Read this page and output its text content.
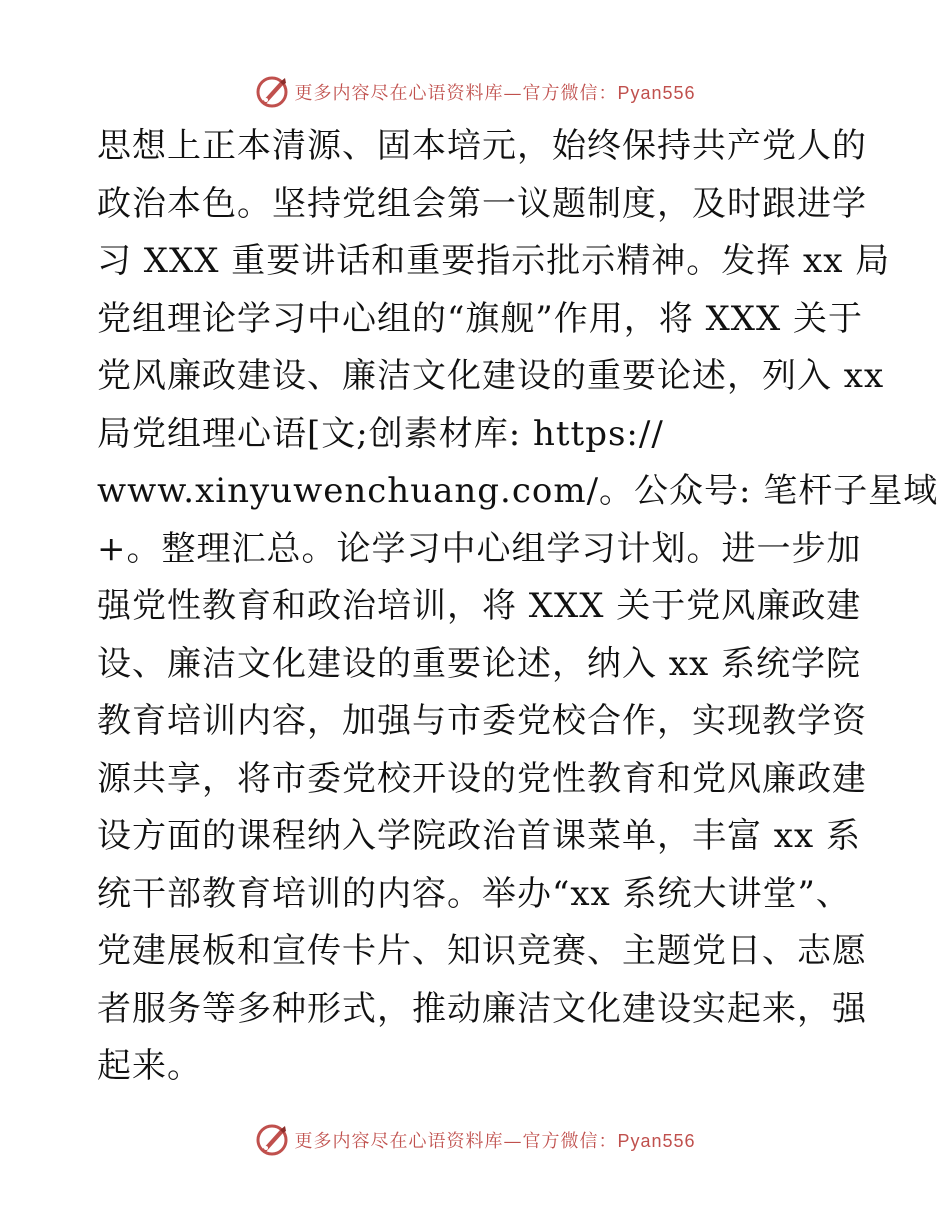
更多内容尽在心语资料库—官方微信：Pyan556
思想上正本清源、固本培元，始终保持共产党人的
政治本色。坚持党组会第一议题制度，及时跟进学
习 XXX 重要讲话和重要指示批示精神。发挥 xx 局
党组理论学习中心组的“旗舰”作用，将 XXX 关于
党风廉政建设、廉洁文化建设的重要论述，列入 xx
局党组理心语[文;创素材库: https://
www.xinyuwenchuang.com/。公众号: 笔杆子星域
+。整理汇总。论学习中心组学习计划。进一步加
强党性教育和政治培训，将 XXX 关于党风廉政建
设、廉洁文化建设的重要论述，纳入 xx 系统学院
教育培训内容，加强与市委党校合作，实现教学资
源共享，将市委党校开设的党性教育和党风廉政建
设方面的课程纳入学院政治首课菜单，丰富 xx 系
统干部教育培训的内容。举办“xx 系统大讲堂”、
党建展板和宣传卡片、知识竞赛、主题党日、志愿
者服务等多种形式，推动廉洁文化建设实起来，强
起来。
更多内容尽在心语资料库—官方微信：Pyan556
